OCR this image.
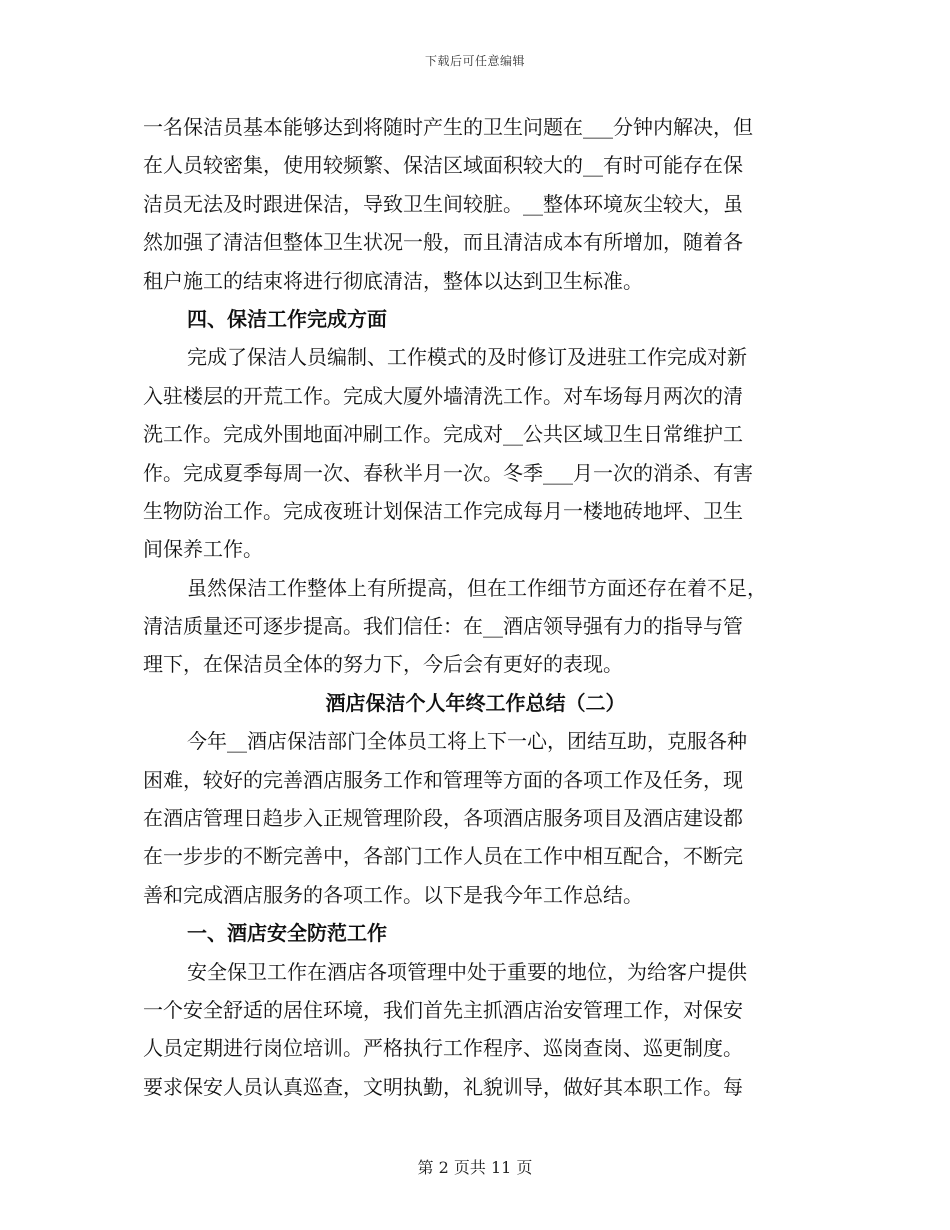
下载后可任意编辑
一名保洁员基本能够达到将随时产生的卫生问题在___分钟内解决，但
在人员较密集，使用较频繁、保洁区域面积较大的__有时可能存在保
洁员无法及时跟进保洁，导致卫生间较脏。__整体环境灰尘较大，虽
然加强了清洁但整体卫生状况一般，而且清洁成本有所增加，随着各
租户施工的结束将进行彻底清洁，整体以达到卫生标准。
四、保洁工作完成方面
完成了保洁人员编制、工作模式的及时修订及进驻工作完成对新
入驻楼层的开荒工作。完成大厦外墙清洗工作。对车场每月两次的清
洗工作。完成外围地面冲刷工作。完成对__公共区域卫生日常维护工
作。完成夏季每周一次、春秋半月一次。冬季___月一次的消杀、有害
生物防治工作。完成夜班计划保洁工作完成每月一楼地砖地坪、卫生
间保养工作。
虽然保洁工作整体上有所提高，但在工作细节方面还存在着不足，
清洁质量还可逐步提高。我们信任：在__酒店领导强有力的指导与管
理下，在保洁员全体的努力下，今后会有更好的表现。
酒店保洁个人年终工作总结（二）
今年__酒店保洁部门全体员工将上下一心，团结互助，克服各种
困难，较好的完善酒店服务工作和管理等方面的各项工作及任务，现
在酒店管理日趋步入正规管理阶段，各项酒店服务项目及酒店建设都
在一步步的不断完善中，各部门工作人员在工作中相互配合，不断完
善和完成酒店服务的各项工作。以下是我今年工作总结。
一、酒店安全防范工作
安全保卫工作在酒店各项管理中处于重要的地位，为给客户提供
一个安全舒适的居住环境，我们首先主抓酒店治安管理工作，对保安
人员定期进行岗位培训。严格执行工作程序、巡岗查岗、巡更制度。
要求保安人员认真巡查，文明执勤，礼貌训导，做好其本职工作。每
第 2 页共 11 页
